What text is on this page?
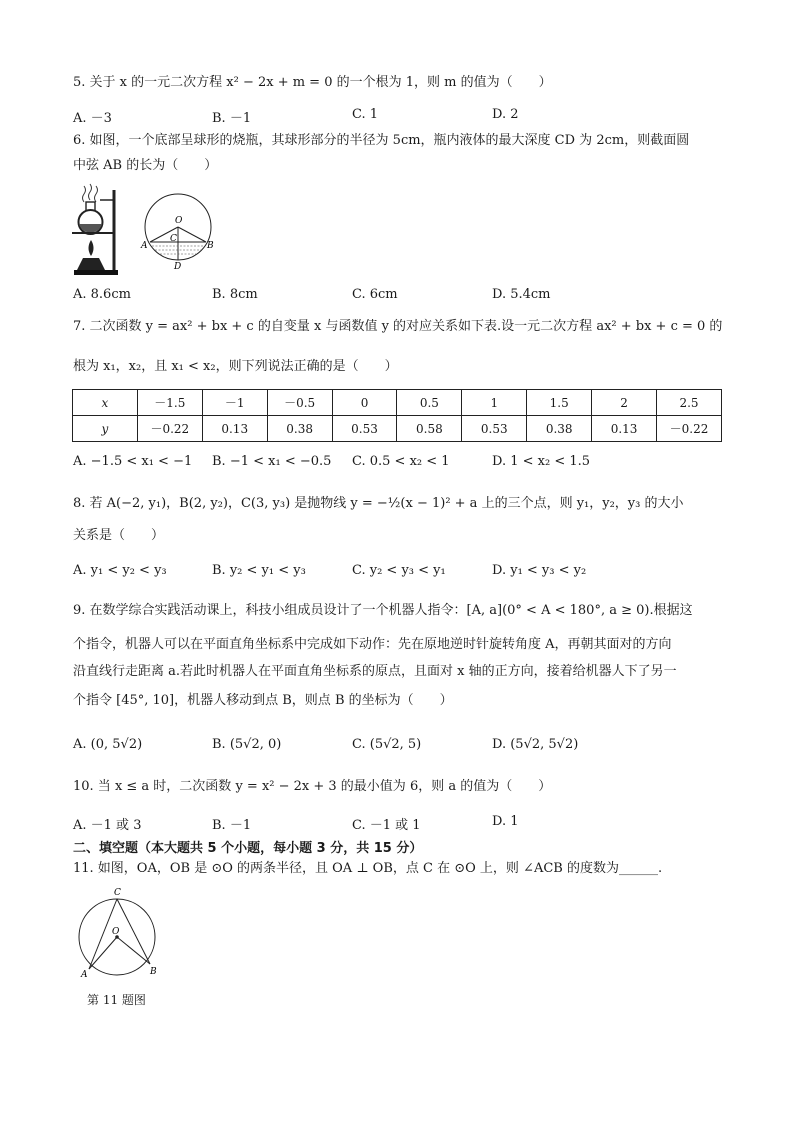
5. 关于 x 的一元二次方程 x² − 2x + m = 0 的一个根为 1，则 m 的值为（　　）
A. －3	B. －1	C. 1	D. 2
6. 如图，一个底部呈球形的烧瓶，其球形部分的半径为 5cm，瓶内液体的最大深度 CD 为 2cm，则截面圆
中弦 AB 的长为（　　）
O
C
A	B
D
A. 8.6cm	B. 8cm	C. 6cm	D. 5.4cm
7. 二次函数 y = ax² + bx + c 的自变量 x 与函数值 y 的对应关系如下表.设一元二次方程 ax² + bx + c = 0 的
根为 x₁，x₂，且 x₁ < x₂，则下列说法正确的是（　　）
x	－1.5	－1	－0.5	0	0.5	1	1.5	2	2.5
y	－0.22	0.13	0.38	0.53	0.58	0.53	0.38	0.13	－0.22
A. −1.5 < x₁ < −1 B. −1 < x₁ < −0.5 C. 0.5 < x₂ < 1	D. 1 < x₂ < 1.5
8. 若 A(−2, y₁)，B(2, y₂)，C(3, y₃) 是抛物线 y = −½(x − 1)² + a 上的三个点，则 y₁，y₂，y₃ 的大小
关系是（　　）
A. y₁ < y₂ < y₃	B. y₂ < y₁ < y₃	C. y₂ < y₃ < y₁	D. y₁ < y₃ < y₂
9. 在数学综合实践活动课上，科技小组成员设计了一个机器人指令：[A, a](0° < A < 180°, a ≥ 0).根据这
个指令，机器人可以在平面直角坐标系中完成如下动作：先在原地逆时针旋转角度 A，再朝其面对的方向
沿直线行走距离 a.若此时机器人在平面直角坐标系的原点，且面对 x 轴的正方向，接着给机器人下了另一
个指令 [45°, 10]，机器人移动到点 B，则点 B 的坐标为（　　）
A. (0, 5√2)	B. (5√2, 0)	C. (5√2, 5)	D. (5√2, 5√2)
10. 当 x ≤ a 时，二次函数 y = x² − 2x + 3 的最小值为 6，则 a 的值为（　　）
A. －1 或 3	B. －1	C. －1 或 1	D. 1
二、填空题（本大题共 5 个小题，每小题 3 分，共 15 分）
11. 如图，OA，OB 是 ⊙O 的两条半径，且 OA ⊥ OB，点 C 在 ⊙O 上，则 ∠ACB 的度数为______.
C
O
A	B
第 11 题图
